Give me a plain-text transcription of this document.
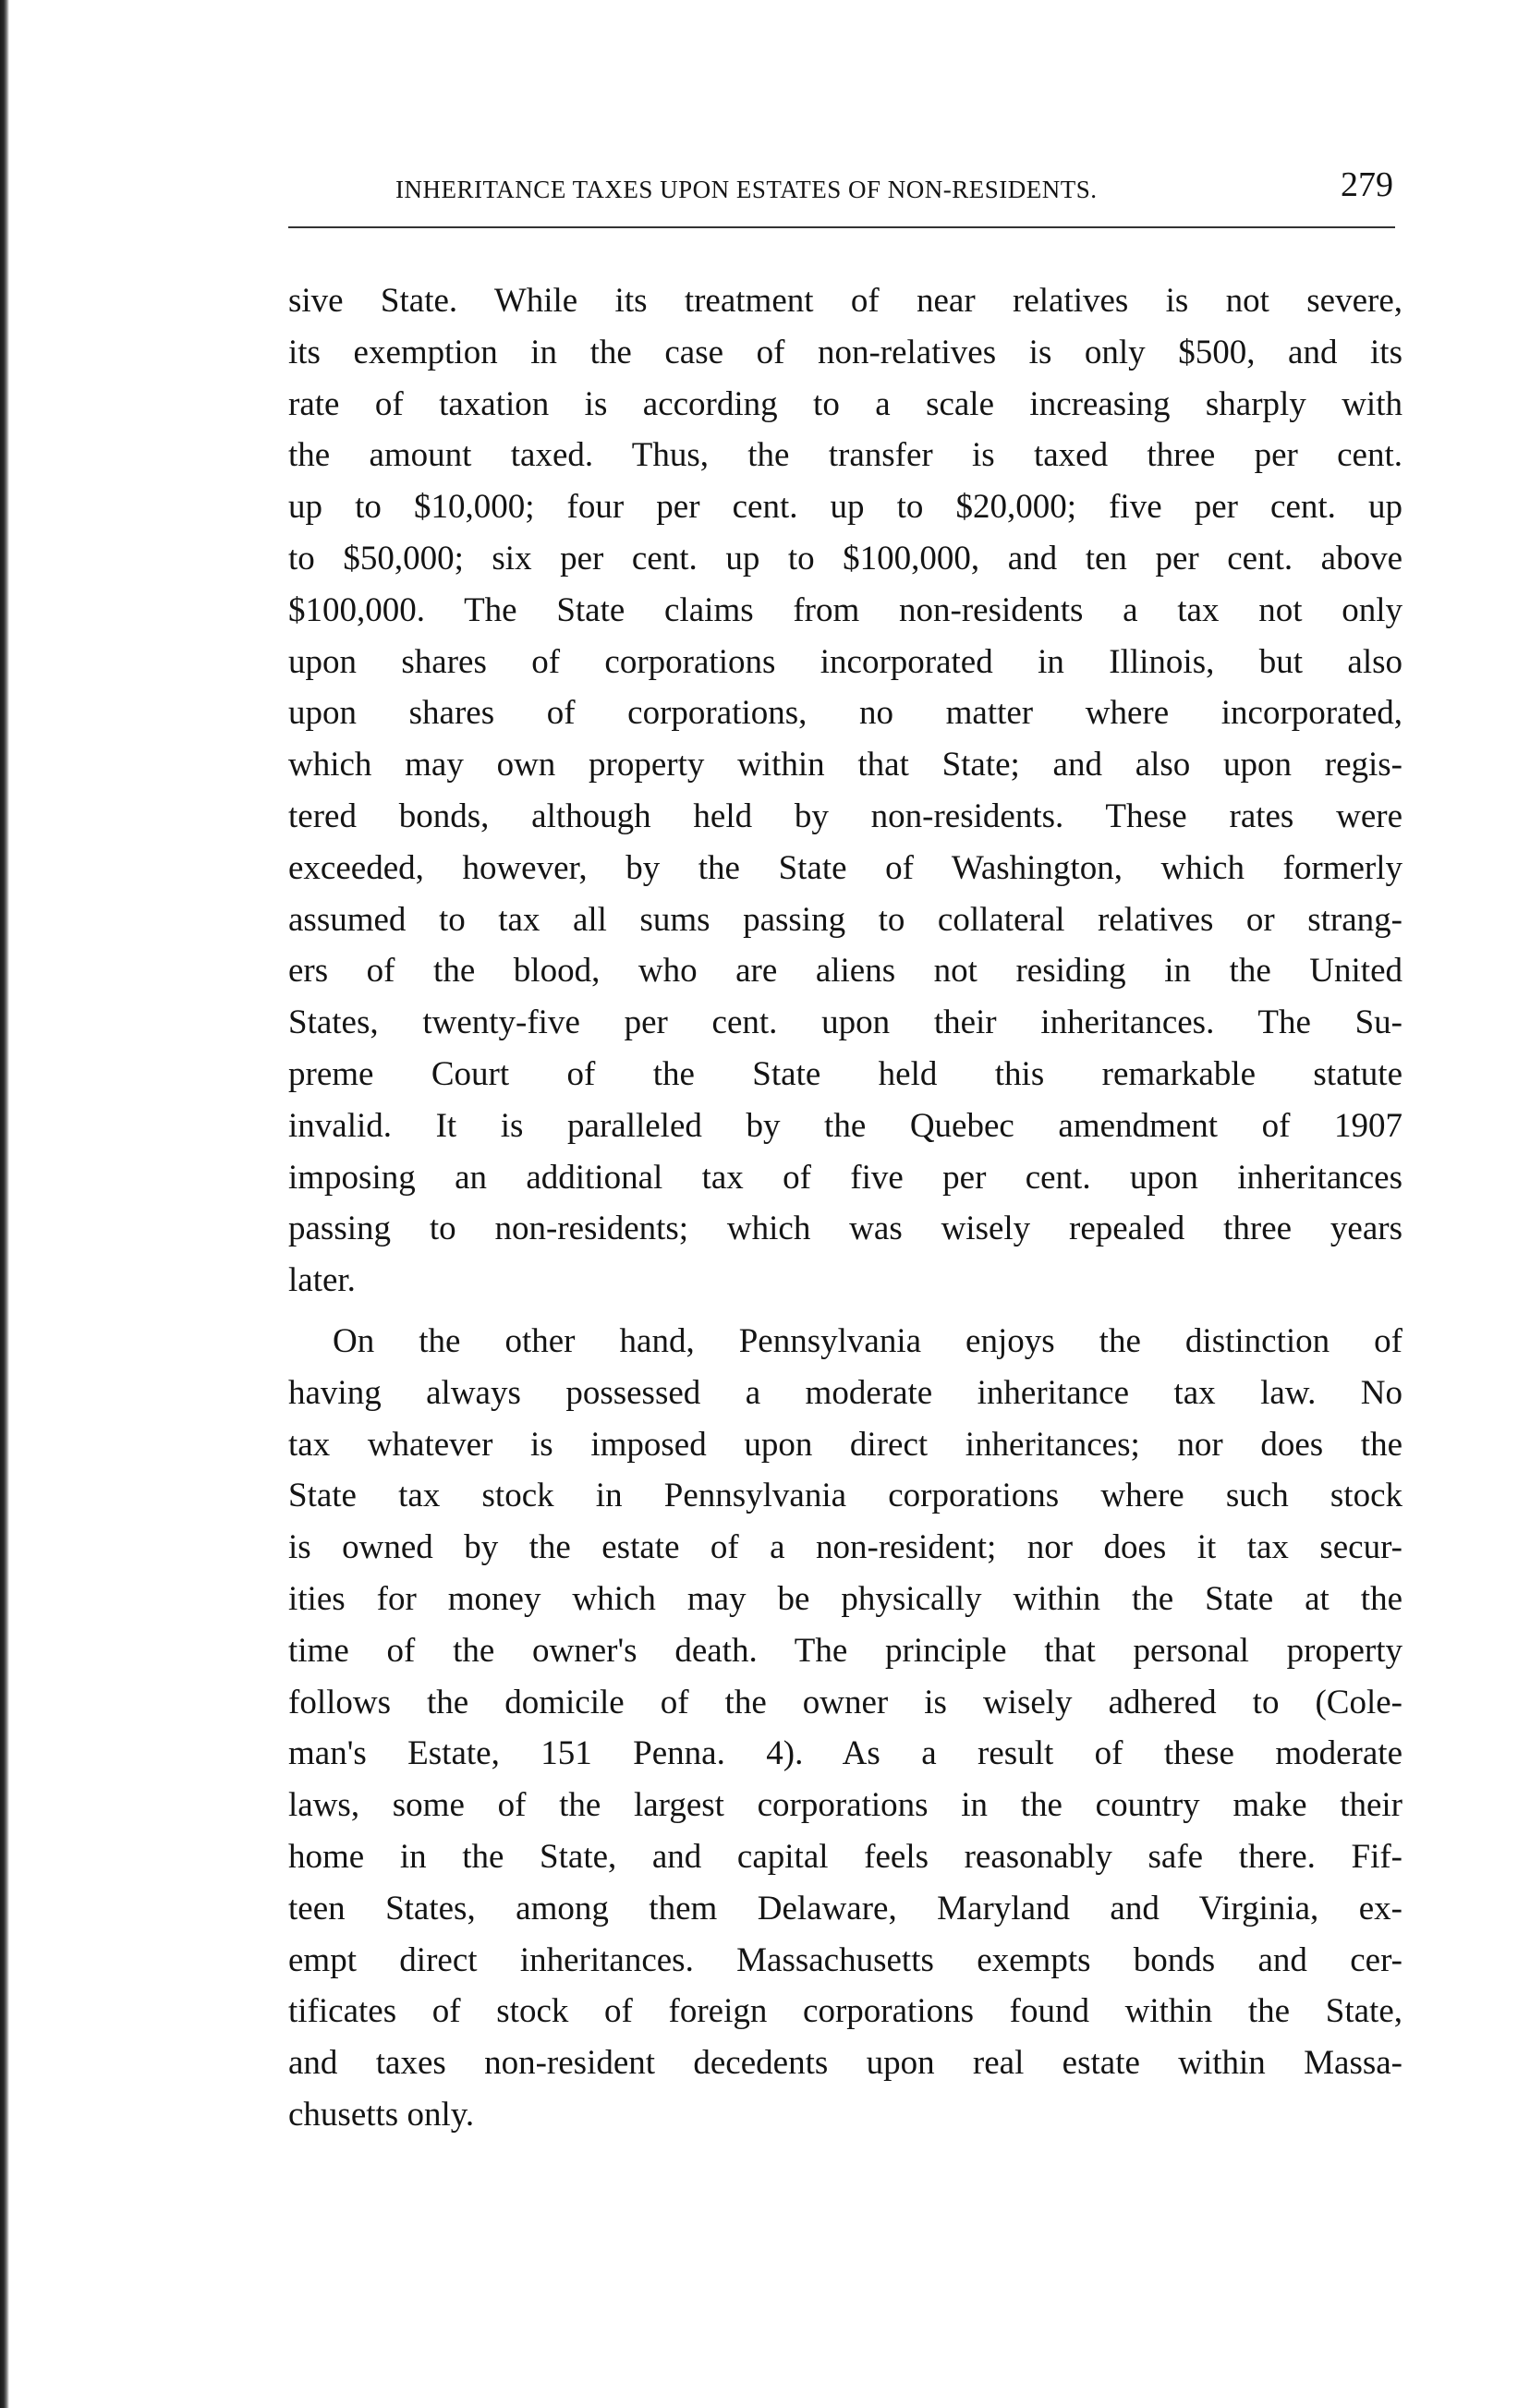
INHERITANCE TAXES UPON ESTATES OF NON-RESIDENTS.	279
sive State. While its treatment of near relatives is not severe,
its exemption in the case of non-relatives is only $500, and its
rate of taxation is according to a scale increasing sharply with
the amount taxed. Thus, the transfer is taxed three per cent.
up to $10,000; four per cent. up to $20,000; five per cent. up
to $50,000; six per cent. up to $100,000, and ten per cent. above
$100,000. The State claims from non-residents a tax not only
upon shares of corporations incorporated in Illinois, but also
upon shares of corporations, no matter where incorporated,
which may own property within that State; and also upon regis-
tered bonds, although held by non-residents. These rates were
exceeded, however, by the State of Washington, which formerly
assumed to tax all sums passing to collateral relatives or strang-
ers of the blood, who are aliens not residing in the United
States, twenty-five per cent. upon their inheritances. The Su-
preme Court of the State held this remarkable statute
invalid. It is paralleled by the Quebec amendment of 1907
imposing an additional tax of five per cent. upon inheritances
passing to non-residents; which was wisely repealed three years
later.
On the other hand, Pennsylvania enjoys the distinction of
having always possessed a moderate inheritance tax law. No
tax whatever is imposed upon direct inheritances; nor does the
State tax stock in Pennsylvania corporations where such stock
is owned by the estate of a non-resident; nor does it tax secur-
ities for money which may be physically within the State at the
time of the owner's death. The principle that personal property
follows the domicile of the owner is wisely adhered to (Cole-
man's Estate, 151 Penna. 4). As a result of these moderate
laws, some of the largest corporations in the country make their
home in the State, and capital feels reasonably safe there. Fif-
teen States, among them Delaware, Maryland and Virginia, ex-
empt direct inheritances. Massachusetts exempts bonds and cer-
tificates of stock of foreign corporations found within the State,
and taxes non-resident decedents upon real estate within Massa-
chusetts only.
